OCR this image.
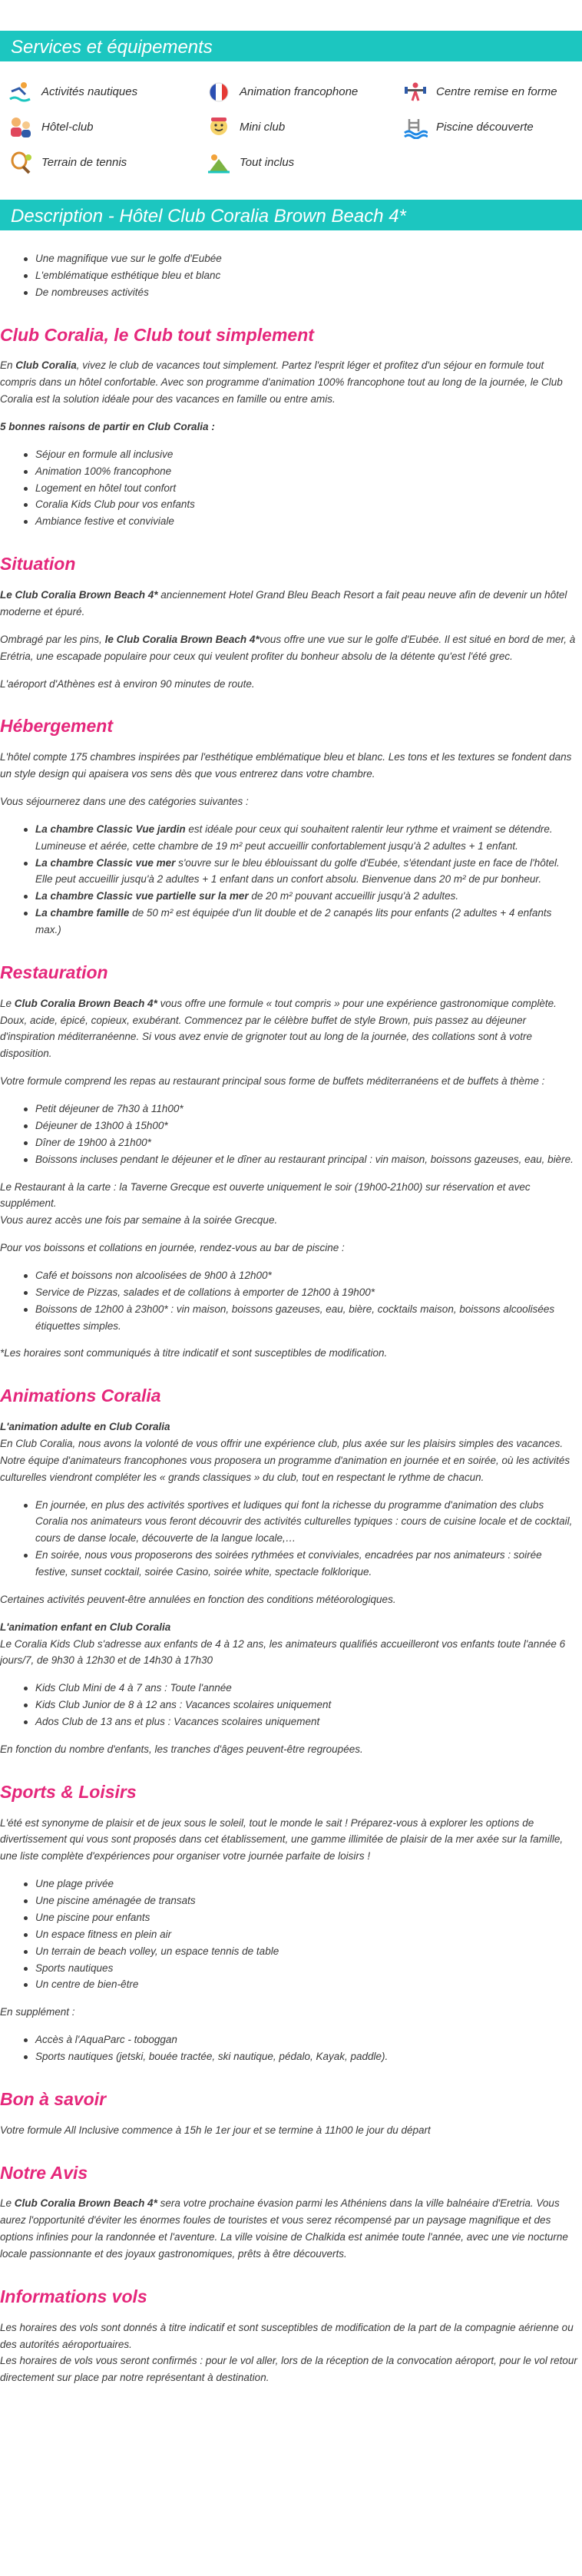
Services et équipements
Activités nautiques	Animation francophone	Centre remise en forme
Hôtel-club	Mini club	Piscine découverte
Terrain de tennis	Tout inclus
Description - Hôtel Club Coralia Brown Beach 4*
Une magnifique vue sur le golfe d'Eubée
L'emblématique esthétique bleu et blanc
De nombreuses activités
Club Coralia, le Club tout simplement

En Club Coralia, vivez le club de vacances tout simplement. Partez l'esprit léger et profitez d'un séjour en formule tout compris dans un hôtel confortable. Avec son programme d'animation 100% francophone tout au long de la journée, le Club Coralia est la solution idéale pour des vacances en famille ou entre amis.

5 bonnes raisons de partir en Club Coralia :

Séjour en formule all inclusive
Animation 100% francophone
Logement en hôtel tout confort
Coralia Kids Club pour vos enfants
Ambiance festive et conviviale
Situation

Le Club Coralia Brown Beach 4* anciennement Hotel Grand Bleu Beach Resort a fait peau neuve afin de devenir un hôtel moderne et épuré.

Ombragé par les pins, le Club Coralia Brown Beach 4*vous offre une vue sur le golfe d'Eubée. Il est situé en bord de mer, à Erétria, une escapade populaire pour ceux qui veulent profiter du bonheur absolu de la détente qu'est l'été grec.

L'aéroport d'Athènes est à environ 90 minutes de route.

Hébergement

L'hôtel compte 175 chambres inspirées par l'esthétique emblématique bleu et blanc. Les tons et les textures se fondent dans un style design qui apaisera vos sens dès que vous entrerez dans votre chambre.

Vous séjournerez dans une des catégories suivantes :

La chambre Classic Vue jardin est idéale pour ceux qui souhaitent ralentir leur rythme et vraiment se détendre. Lumineuse et aérée, cette chambre de 19 m² peut accueillir confortablement jusqu'à 2 adultes + 1 enfant.
La chambre Classic vue mer s'ouvre sur le bleu éblouissant du golfe d'Eubée, s'étendant juste en face de l'hôtel. Elle peut accueillir jusqu'à 2 adultes + 1 enfant dans un confort absolu. Bienvenue dans 20 m² de pur bonheur.
La chambre Classic vue partielle sur la mer de 20 m² pouvant accueillir jusqu'à 2 adultes.
La chambre famille de 50 m² est équipée d'un lit double et de 2 canapés lits pour enfants (2 adultes + 4 enfants max.)
Restauration

Le Club Coralia Brown Beach 4* vous offre une formule « tout compris » pour une expérience gastronomique complète. Doux, acide, épicé, copieux, exubérant. Commencez par le célèbre buffet de style Brown, puis passez au déjeuner d'inspiration méditerranéenne. Si vous avez envie de grignoter tout au long de la journée, des collations sont à votre disposition.

Votre formule comprend les repas au restaurant principal sous forme de buffets méditerranéens et de buffets à thème :

Petit déjeuner de 7h30 à 11h00*
Déjeuner de 13h00 à 15h00*
Dîner de 19h00 à 21h00*
Boissons incluses pendant le déjeuner et le dîner au restaurant principal : vin maison, boissons gazeuses, eau, bière.

Le Restaurant à la carte : la Taverne Grecque est ouverte uniquement le soir (19h00-21h00) sur réservation et avec supplément.

Vous aurez accès une fois par semaine à la soirée Grecque.

Pour vos boissons et collations en journée, rendez-vous au bar de piscine :

Café et boissons non alcoolisées de 9h00 à 12h00*
Service de Pizzas, salades et de collations à emporter de 12h00 à 19h00*
Boissons de 12h00 à 23h00* : vin maison, boissons gazeuses, eau, bière, cocktails maison, boissons alcoolisées étiquettes simples.

*Les horaires sont communiqués à titre indicatif et sont susceptibles de modification.

Animations Coralia

L'animation adulte en Club Coralia

En Club Coralia, nous avons la volonté de vous offrir une expérience club, plus axée sur les plaisirs simples des vacances. Notre équipe d'animateurs francophones vous proposera un programme d'animation en journée et en soirée, où les activités culturelles viendront compléter les « grands classiques » du club, tout en respectant le rythme de chacun.

En journée, en plus des activités sportives et ludiques qui font la richesse du programme d'animation des clubs Coralia nos animateurs vous feront découvrir des activités culturelles typiques : cours de cuisine locale et de cocktail, cours de danse locale, découverte de la langue locale,…
En soirée, nous vous proposerons des soirées rythmées et conviviales, encadrées par nos animateurs : soirée festive, sunset cocktail, soirée Casino, soirée white, spectacle folklorique.

Certaines activités peuvent-être annulées en fonction des conditions météorologiques.

L'animation enfant en Club Coralia

Le Coralia Kids Club s'adresse aux enfants de 4 à 12 ans, les animateurs qualifiés accueilleront vos enfants toute l'année 6 jours/7, de 9h30 à 12h30 et de 14h30 à 17h30

Kids Club Mini de 4 à 7 ans : Toute l'année
Kids Club Junior de 8 à 12 ans : Vacances scolaires uniquement
Ados Club de 13 ans et plus : Vacances scolaires uniquement

En fonction du nombre d'enfants, les tranches d'âges peuvent-être regroupées.

Sports & Loisirs

L'été est synonyme de plaisir et de jeux sous le soleil, tout le monde le sait ! Préparez-vous à explorer les options de divertissement qui vous sont proposés dans cet établissement, une gamme illimitée de plaisir de la mer axée sur la famille, une liste complète d'expériences pour organiser votre journée parfaite de loisirs !

Une plage privée
Une piscine aménagée de transats
Une piscine pour enfants
Un espace fitness en plein air
Un terrain de beach volley, un espace tennis de table
Sports nautiques
Un centre de bien-être

En supplément :

Accès à l'AquaParc - toboggan
Sports nautiques (jetski, bouée tractée, ski nautique, pédalo, Kayak, paddle).
Bon à savoir

Votre formule All Inclusive commence à 15h le 1er jour et se termine à 11h00 le jour du départ

Notre Avis

Le Club Coralia Brown Beach 4* sera votre prochaine évasion parmi les Athéniens dans la ville balnéaire d'Eretria. Vous aurez l'opportunité d'éviter les énormes foules de touristes et vous serez récompensé par un paysage magnifique et des options infinies pour la randonnée et l'aventure. La ville voisine de Chalkida est animée toute l'année, avec une vie nocturne locale passionnante et des joyaux gastronomiques, prêts à être découverts.

Informations vols

Les horaires des vols sont donnés à titre indicatif et sont susceptibles de modification de la part de la compagnie aérienne ou des autorités aéroportuaires.

Les horaires de vols vous seront confirmés : pour le vol aller, lors de la réception de la convocation aéroport, pour le vol retour directement sur place par notre représentant à destination.
